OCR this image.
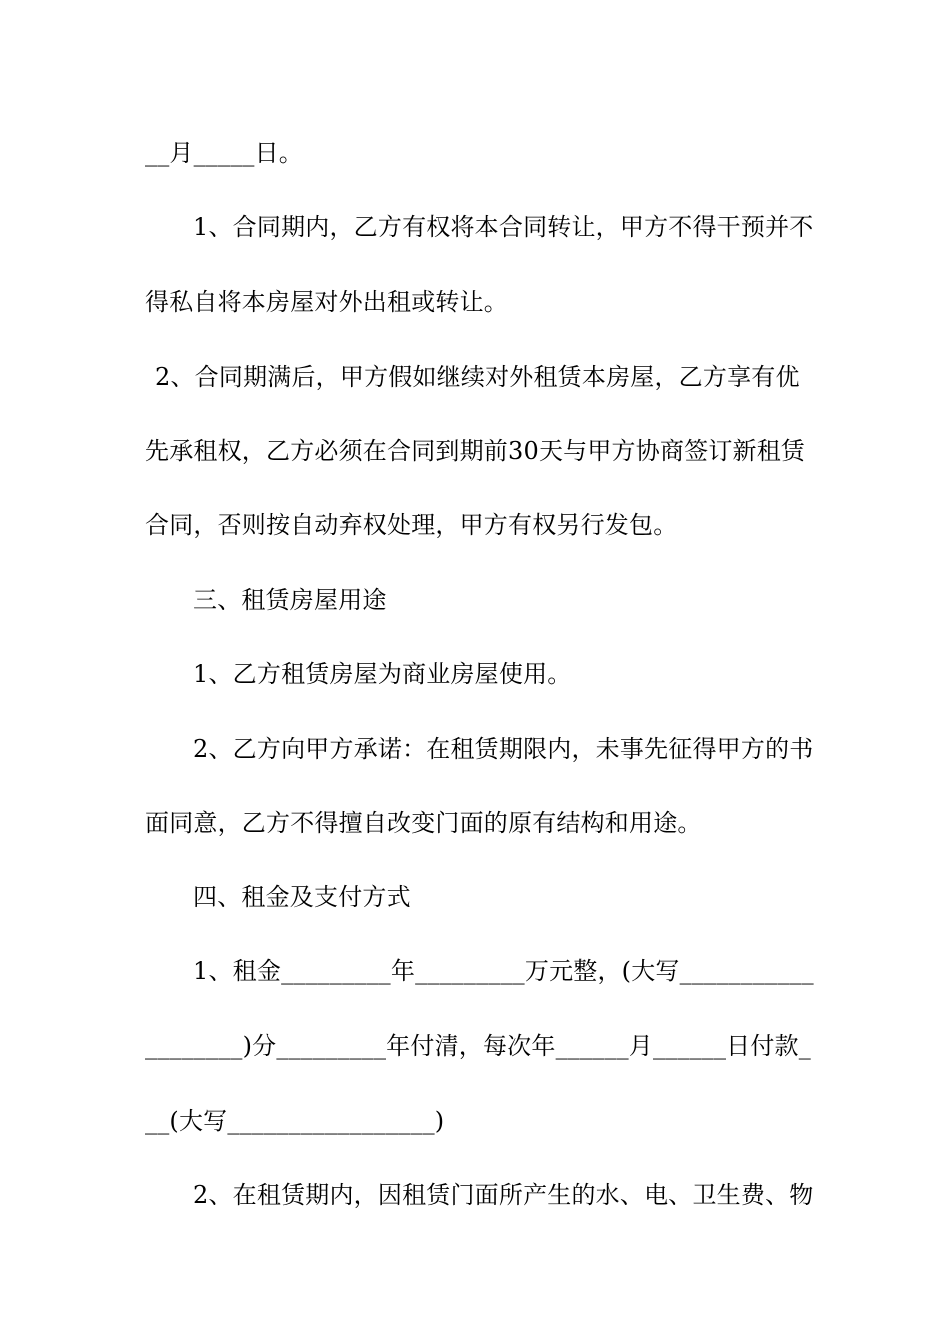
__月_____日。
1、合同期内，乙方有权将本合同转让，甲方不得干预并不
得私自将本房屋对外出租或转让。
2、合同期满后，甲方假如继续对外租赁本房屋，乙方享有优
先承租权，乙方必须在合同到期前30天与甲方协商签订新租赁
合同，否则按自动弃权处理，甲方有权另行发包。
三、租赁房屋用途
1、乙方租赁房屋为商业房屋使用。
2、乙方向甲方承诺：在租赁期限内，未事先征得甲方的书
面同意，乙方不得擅自改变门面的原有结构和用途。
四、租金及支付方式
1、租金_________年_________万元整，(大写___________
________)分_________年付清，每次年______月______日付款_
__(大写_________________)
2、在租赁期内，因租赁门面所产生的水、电、卫生费、物
